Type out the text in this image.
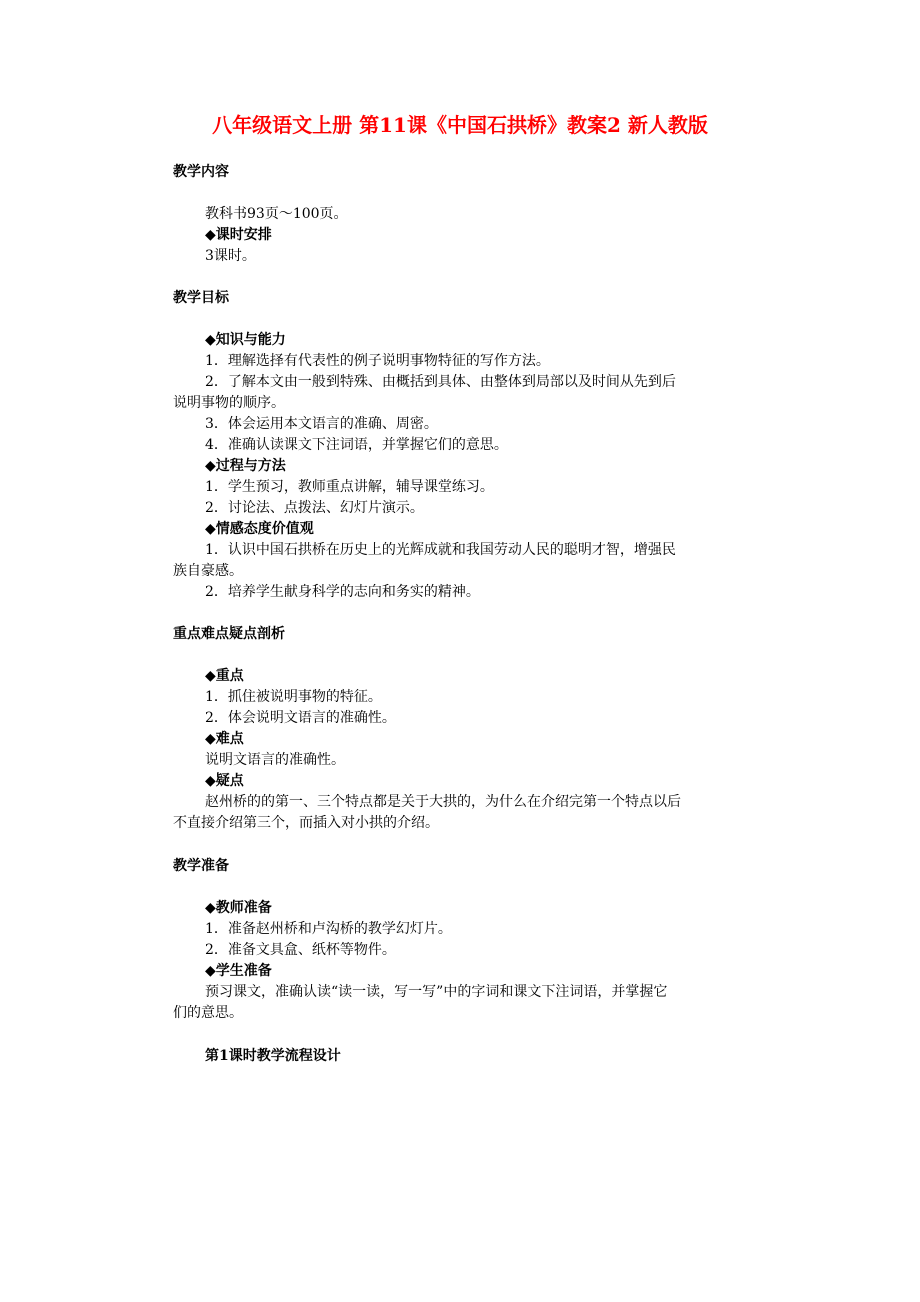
八年级语文上册 第11课《中国石拱桥》教案2 新人教版
教学内容
教科书93页～100页。
◆课时安排
3课时。
教学目标
◆知识与能力
1．理解选择有代表性的例子说明事物特征的写作方法。
2．了解本文由一般到特殊、由概括到具体、由整体到局部以及时间从先到后
说明事物的顺序。
3．体会运用本文语言的准确、周密。
4．准确认读课文下注词语，并掌握它们的意思。
◆过程与方法
1．学生预习，教师重点讲解，辅导课堂练习。
2．讨论法、点拨法、幻灯片演示。
◆情感态度价值观
1．认识中国石拱桥在历史上的光辉成就和我国劳动人民的聪明才智，增强民
族自豪感。
2．培养学生献身科学的志向和务实的精神。
重点难点疑点剖析
◆重点
1．抓住被说明事物的特征。
2．体会说明文语言的准确性。
◆难点
说明文语言的准确性。
◆疑点
赵州桥的的第一、三个特点都是关于大拱的，为什么在介绍完第一个特点以后
不直接介绍第三个，而插入对小拱的介绍。
教学准备
◆教师准备
1．准备赵州桥和卢沟桥的教学幻灯片。
2．准备文具盒、纸杯等物件。
◆学生准备
预习课文，准确认读“读一读，写一写”中的字词和课文下注词语，并掌握它
们的意思。
第1课时教学流程设计
